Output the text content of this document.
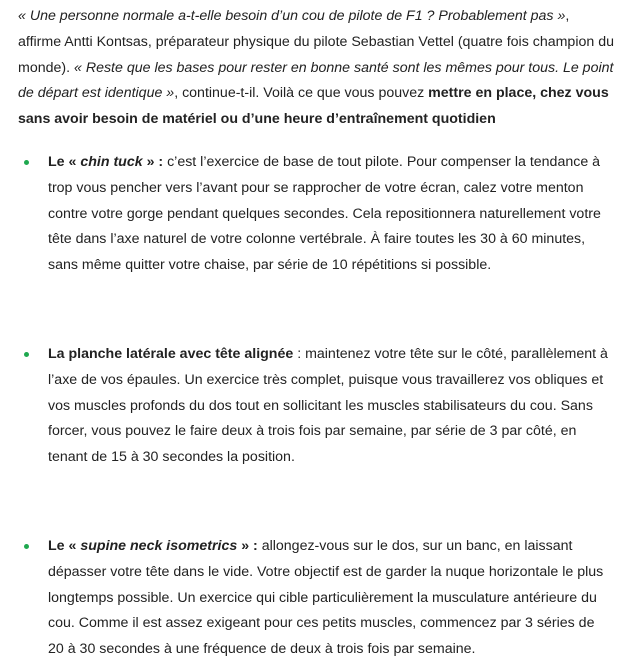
« Une personne normale a-t-elle besoin d’un cou de pilote de F1 ? Probablement pas », affirme Antti Kontsas, préparateur physique du pilote Sebastian Vettel (quatre fois champion du monde). « Reste que les bases pour rester en bonne santé sont les mêmes pour tous. Le point de départ est identique », continue-t-il. Voilà ce que vous pouvez mettre en place, chez vous sans avoir besoin de matériel ou d’une heure d’entraînement quotidien

Le « chin tuck » : c’est l’exercice de base de tout pilote. Pour compenser la tendance à trop vous pencher vers l’avant pour se rapprocher de votre écran, calez votre menton contre votre gorge pendant quelques secondes. Cela repositionnera naturellement votre tête dans l’axe naturel de votre colonne vertébrale. À faire toutes les 30 à 60 minutes, sans même quitter votre chaise, par série de 10 répétitions si possible.
La planche latérale avec tête alignée : maintenez votre tête sur le côté, parallèlement à l’axe de vos épaules. Un exercice très complet, puisque vous travaillerez vos obliques et vos muscles profonds du dos tout en sollicitant les muscles stabilisateurs du cou. Sans forcer, vous pouvez le faire deux à trois fois par semaine, par série de 3 par côté, en tenant de 15 à 30 secondes la position.
Le « supine neck isometrics » : allongez-vous sur le dos, sur un banc, en laissant dépasser votre tête dans le vide. Votre objectif est de garder la nuque horizontale le plus longtemps possible. Un exercice qui cible particulièrement la musculature antérieure du cou. Comme il est assez exigeant pour ces petits muscles, commencez par 3 séries de 20 à 30 secondes à une fréquence de deux à trois fois par semaine.
